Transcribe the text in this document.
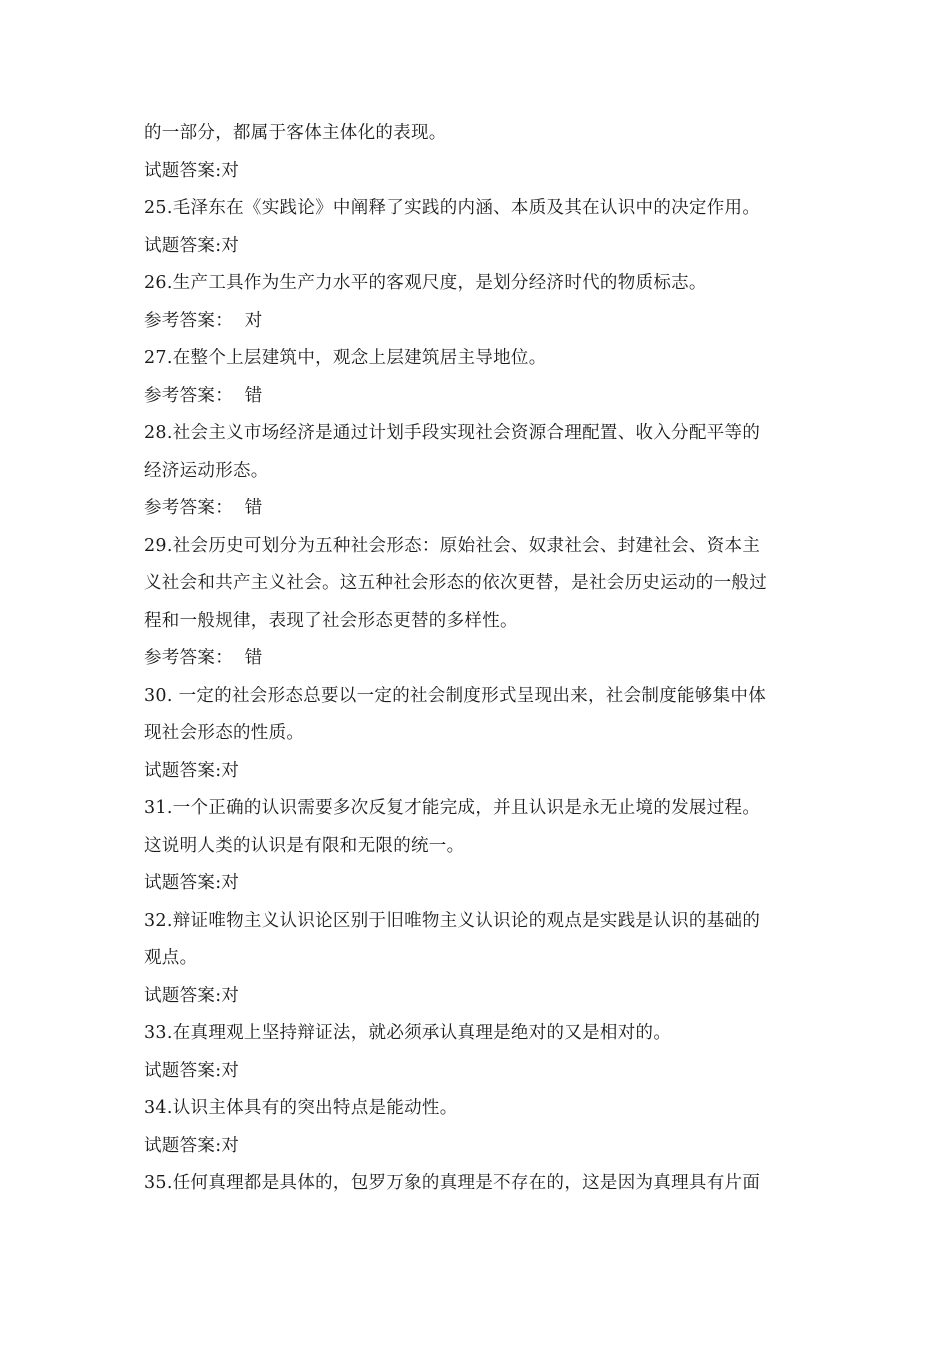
的一部分，都属于客体主体化的表现。
试题答案:对
25.毛泽东在《实践论》中阐释了实践的内涵、本质及其在认识中的决定作用。
试题答案:对
26.生产工具作为生产力水平的客观尺度，是划分经济时代的物质标志。
参考答案：  对
27.在整个上层建筑中，观念上层建筑居主导地位。
参考答案：  错
28.社会主义市场经济是通过计划手段实现社会资源合理配置、收入分配平等的
经济运动形态。
参考答案：  错
29.社会历史可划分为五种社会形态：原始社会、奴隶社会、封建社会、资本主
义社会和共产主义社会。这五种社会形态的依次更替，是社会历史运动的一般过
程和一般规律，表现了社会形态更替的多样性。
参考答案：  错
30. 一定的社会形态总要以一定的社会制度形式呈现出来，社会制度能够集中体
现社会形态的性质。
试题答案:对
31.一个正确的认识需要多次反复才能完成，并且认识是永无止境的发展过程。
这说明人类的认识是有限和无限的统一。
试题答案:对
32.辩证唯物主义认识论区别于旧唯物主义认识论的观点是实践是认识的基础的
观点。
试题答案:对
33.在真理观上坚持辩证法，就必须承认真理是绝对的又是相对的。
试题答案:对
34.认识主体具有的突出特点是能动性。
试题答案:对
35.任何真理都是具体的，包罗万象的真理是不存在的，这是因为真理具有片面
